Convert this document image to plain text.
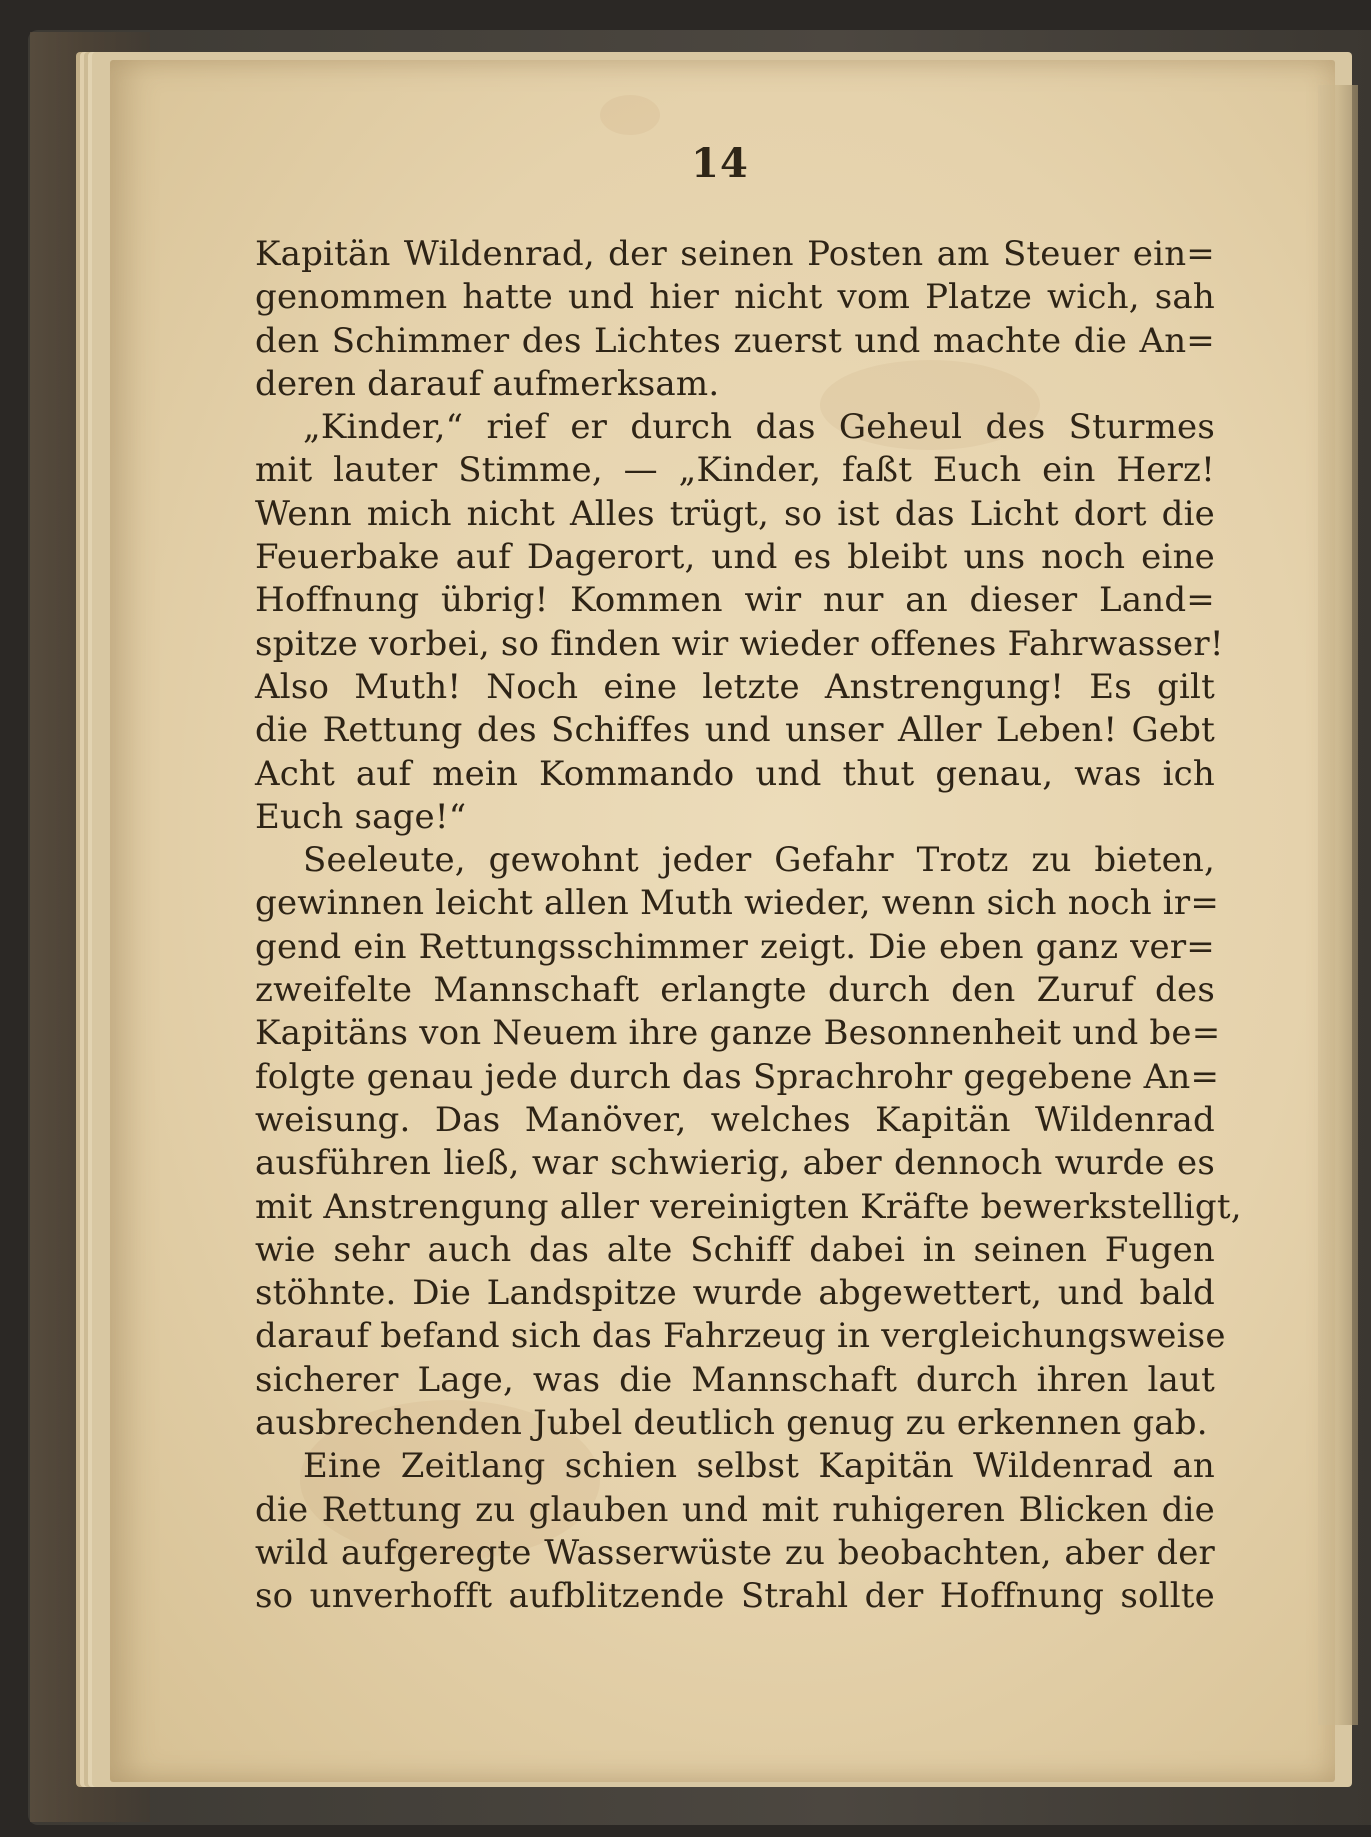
14
Kapitän Wildenrad, der seinen Posten am Steuer ein=
genommen hatte und hier nicht vom Platze wich, sah
den Schimmer des Lichtes zuerst und machte die An=
deren darauf aufmerksam.
„Kinder,“ rief er durch das Geheul des Sturmes
mit lauter Stimme, — „Kinder, faßt Euch ein Herz!
Wenn mich nicht Alles trügt, so ist das Licht dort die
Feuerbake auf Dagerort, und es bleibt uns noch eine
Hoffnung übrig! Kommen wir nur an dieser Land=
spitze vorbei, so finden wir wieder offenes Fahrwasser!
Also Muth! Noch eine letzte Anstrengung! Es gilt
die Rettung des Schiffes und unser Aller Leben! Gebt
Acht auf mein Kommando und thut genau, was ich
Euch sage!“
Seeleute, gewohnt jeder Gefahr Trotz zu bieten,
gewinnen leicht allen Muth wieder, wenn sich noch ir=
gend ein Rettungsschimmer zeigt. Die eben ganz ver=
zweifelte Mannschaft erlangte durch den Zuruf des
Kapitäns von Neuem ihre ganze Besonnenheit und be=
folgte genau jede durch das Sprachrohr gegebene An=
weisung. Das Manöver, welches Kapitän Wildenrad
ausführen ließ, war schwierig, aber dennoch wurde es
mit Anstrengung aller vereinigten Kräfte bewerkstelligt,
wie sehr auch das alte Schiff dabei in seinen Fugen
stöhnte. Die Landspitze wurde abgewettert, und bald
darauf befand sich das Fahrzeug in vergleichungsweise
sicherer Lage, was die Mannschaft durch ihren laut
ausbrechenden Jubel deutlich genug zu erkennen gab.
Eine Zeitlang schien selbst Kapitän Wildenrad an
die Rettung zu glauben und mit ruhigeren Blicken die
wild aufgeregte Wasserwüste zu beobachten, aber der
so unverhofft aufblitzende Strahl der Hoffnung sollte
